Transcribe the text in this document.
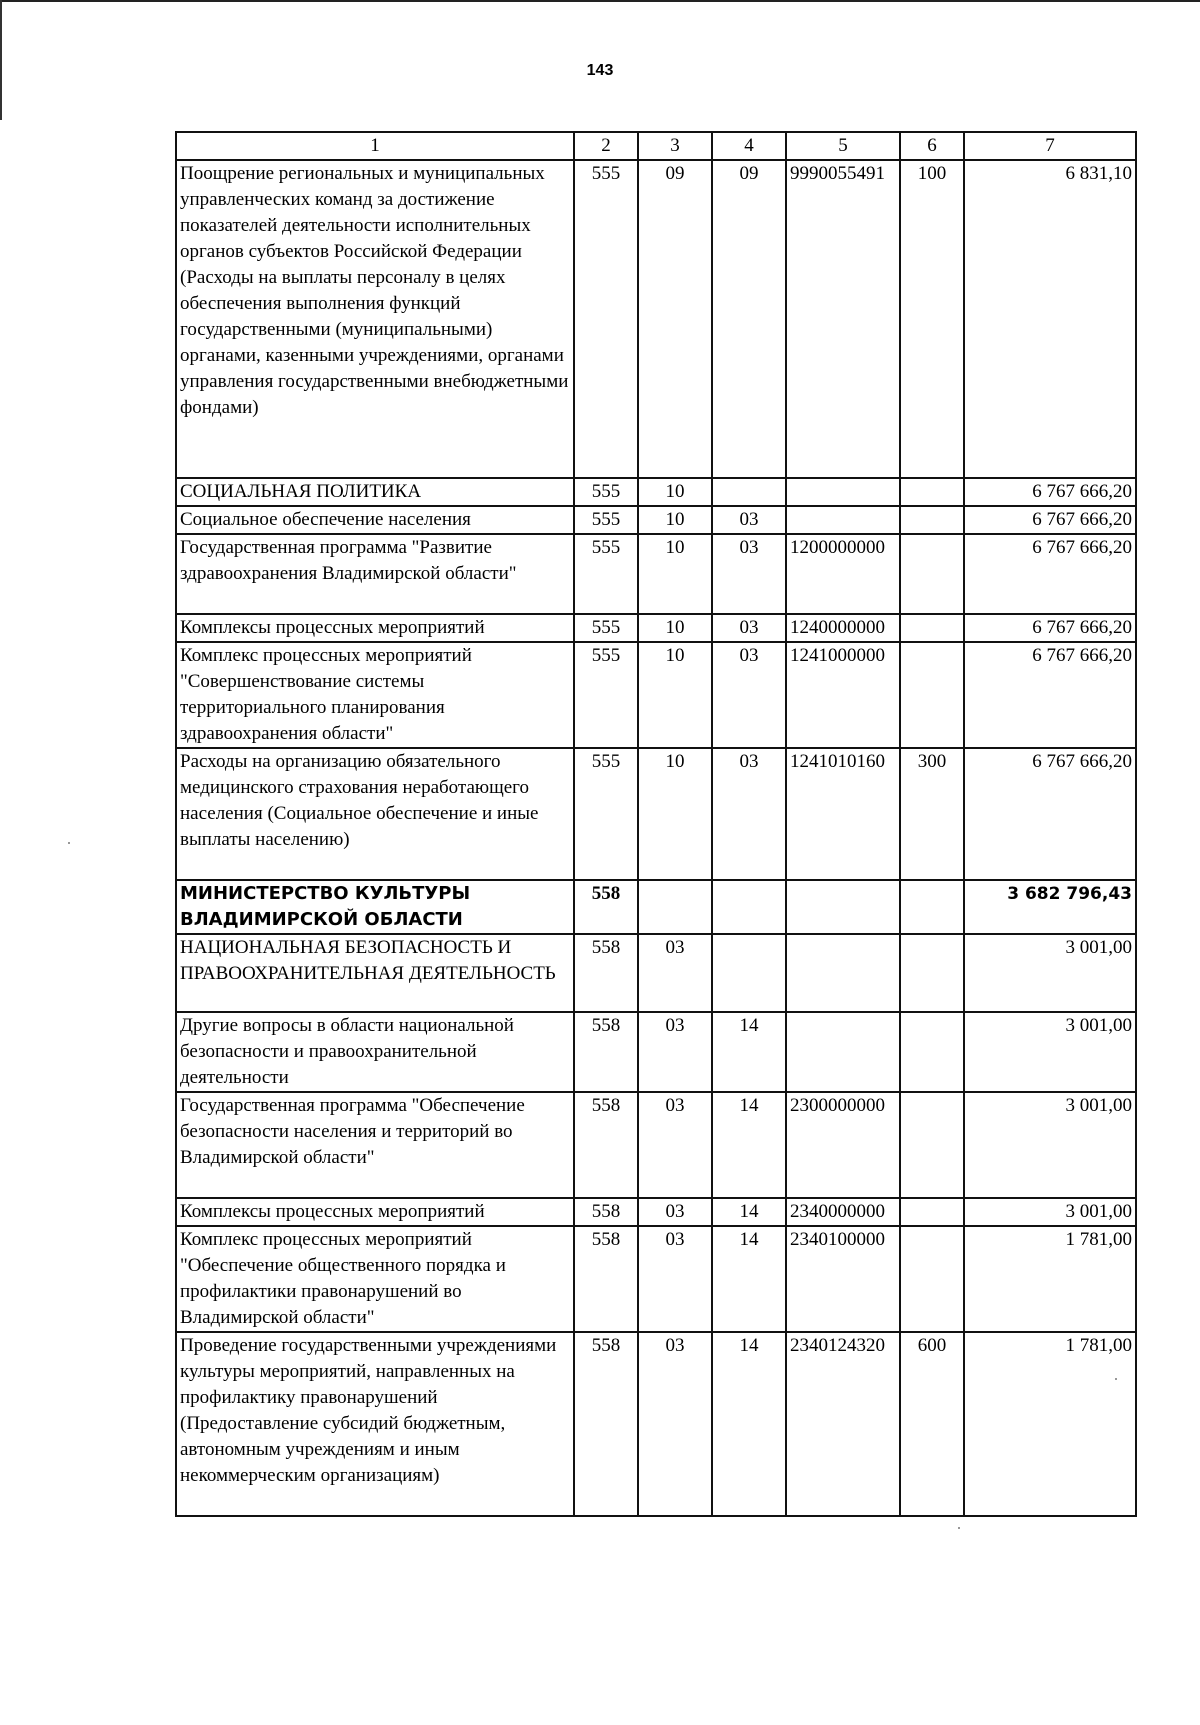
143
1	2	3	4	5	6	7
Поощрение региональных и муниципальных управленческих команд за достижение показателей деятельности исполнительных органов субъектов Российской Федерации (Расходы на выплаты персоналу в целях обеспечения выполнения функций государственными (муниципальными) органами, казенными учреждениями, органами управления государственными внебюджетными фондами)	555	09	09	9990055491	100	6 831,10
СОЦИАЛЬНАЯ ПОЛИТИКА	555	10				6 767 666,20
Социальное обеспечение населения	555	10	03			6 767 666,20
Государственная программа "Развитие здравоохранения Владимирской области"	555	10	03	1200000000		6 767 666,20
Комплексы процессных мероприятий	555	10	03	1240000000		6 767 666,20
Комплекс процессных мероприятий "Совершенствование системы территориального планирования здравоохранения области"	555	10	03	1241000000		6 767 666,20
Расходы на организацию обязательного медицинского страхования неработающего населения (Социальное обеспечение и иные выплаты населению)	555	10	03	1241010160	300	6 767 666,20
МИНИСТЕРСТВО КУЛЬТУРЫ ВЛАДИМИРСКОЙ ОБЛАСТИ	558					3 682 796,43
НАЦИОНАЛЬНАЯ БЕЗОПАСНОСТЬ И ПРАВООХРАНИТЕЛЬНАЯ ДЕЯТЕЛЬНОСТЬ	558	03				3 001,00
Другие вопросы в области национальной безопасности и правоохранительной деятельности	558	03	14			3 001,00
Государственная программа "Обеспечение безопасности населения и территорий во Владимирской области"	558	03	14	2300000000		3 001,00
Комплексы процессных мероприятий	558	03	14	2340000000		3 001,00
Комплекс процессных мероприятий "Обеспечение общественного порядка и профилактики правонарушений во Владимирской области"	558	03	14	2340100000		1 781,00
Проведение государственными учреждениями культуры мероприятий, направленных на профилактику правонарушений (Предоставление субсидий бюджетным, автономным учреждениям и иным некоммерческим организациям)	558	03	14	2340124320	600	1 781,00
